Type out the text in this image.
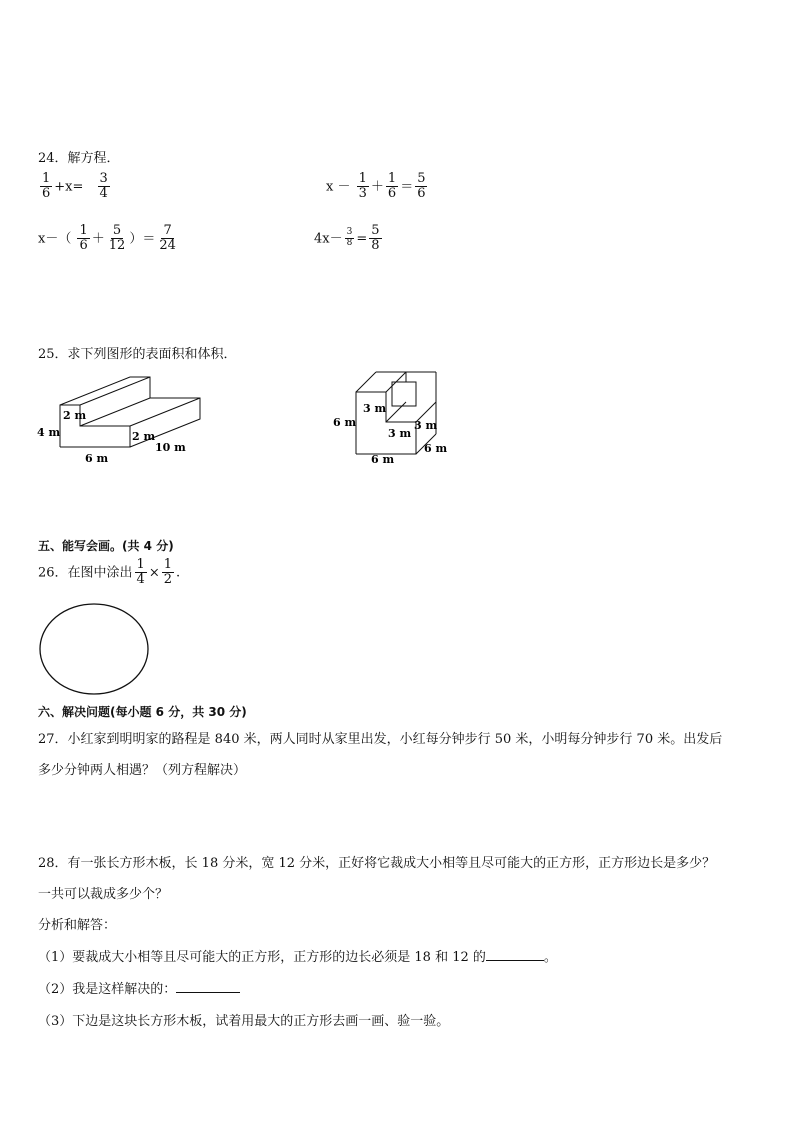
24．解方程．
$\frac{1}{6} +x= \frac{3}{4}$	$x - \frac{1}{3} + \frac{1}{6} = \frac{5}{6}$
$x-( \frac{1}{6} + \frac{5}{12}$ ）＝ $\frac{7}{24}$	$4x- \frac{3}{8} = \frac{5}{8}$
25．求下列图形的表面积和体积．
2 m
4 m	2 m
6 m
10 m
3 m
6 m
3 m
3 m
6 m
6 m
五、能写会画。(共 4 分)
26．在图中涂出 $\frac{1}{4} \times \frac{1}{2}$ .
六、解决问题(每小题 6 分，共 30 分)
27．小红家到明明家的路程是 840 米，两人同时从家里出发，小红每分钟步行 50 米，小明每分钟步行 70 米。出发后
多少分钟两人相遇？（列方程解决）
28．有一张长方形木板，长 18 分米，宽 12 分米，正好将它裁成大小相等且尽可能大的正方形，正方形边长是多少？
一共可以裁成多少个？
分析和解答：
（1）要裁成大小相等且尽可能大的正方形，正方形的边长必须是 18 和 12 的	。
（2）我是这样解决的：
（3）下边是这块长方形木板，试着用最大的正方形去画一画、验一验。
